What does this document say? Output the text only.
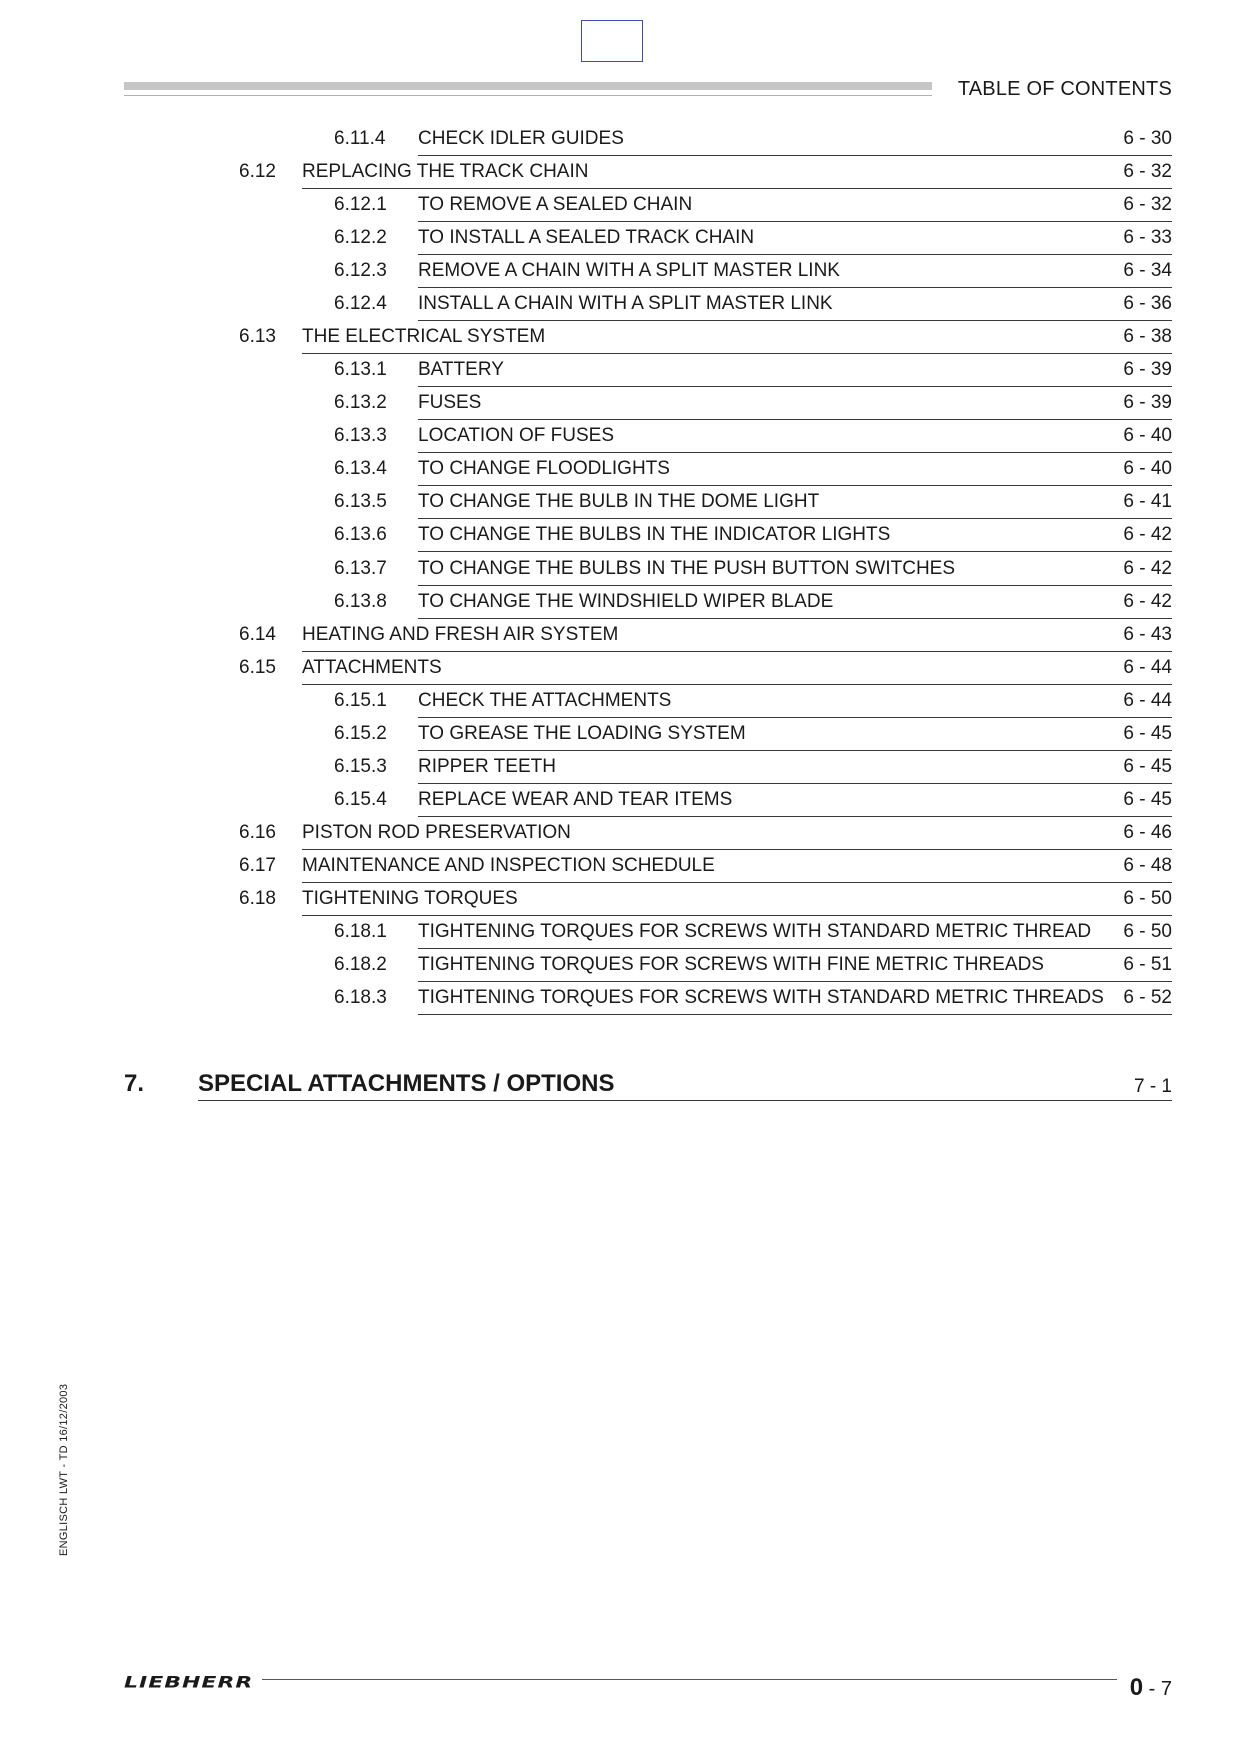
TABLE OF CONTENTS
6.11.4 CHECK IDLER GUIDES	6 - 30
6.12 REPLACING THE TRACK CHAIN	6 - 32
6.12.1 TO REMOVE A SEALED CHAIN	6 - 32
6.12.2 TO INSTALL A SEALED TRACK CHAIN	6 - 33
6.12.3 REMOVE A CHAIN WITH A SPLIT MASTER LINK	6 - 34
6.12.4 INSTALL A CHAIN WITH A SPLIT MASTER LINK	6 - 36
6.13 THE ELECTRICAL SYSTEM	6 - 38
6.13.1 BATTERY	6 - 39
6.13.2 FUSES	6 - 39
6.13.3 LOCATION OF FUSES	6 - 40
6.13.4 TO CHANGE FLOODLIGHTS	6 - 40
6.13.5 TO CHANGE THE BULB IN THE DOME LIGHT	6 - 41
6.13.6 TO CHANGE THE BULBS IN THE INDICATOR LIGHTS	6 - 42
6.13.7 TO CHANGE THE BULBS IN THE PUSH BUTTON SWITCHES	6 - 42
6.13.8 TO CHANGE THE WINDSHIELD WIPER BLADE	6 - 42
6.14 HEATING AND FRESH AIR SYSTEM	6 - 43
6.15 ATTACHMENTS	6 - 44
6.15.1 CHECK THE ATTACHMENTS	6 - 44
6.15.2 TO GREASE THE LOADING SYSTEM	6 - 45
6.15.3 RIPPER TEETH	6 - 45
6.15.4 REPLACE WEAR AND TEAR ITEMS	6 - 45
6.16 PISTON ROD PRESERVATION	6 - 46
6.17 MAINTENANCE AND INSPECTION SCHEDULE	6 - 48
6.18 TIGHTENING TORQUES	6 - 50
6.18.1 TIGHTENING TORQUES FOR SCREWS WITH STANDARD METRIC THREAD 6 - 50
6.18.2 TIGHTENING TORQUES FOR SCREWS WITH FINE METRIC THREADS	6 - 51
6.18.3 TIGHTENING TORQUES FOR SCREWS WITH STANDARD METRIC THREADS 6 - 52
7. SPECIAL ATTACHMENTS / OPTIONS	7 - 1
ENGLISCH LWT - TD 16/12/2003
LIEBHERR	0 - 7
